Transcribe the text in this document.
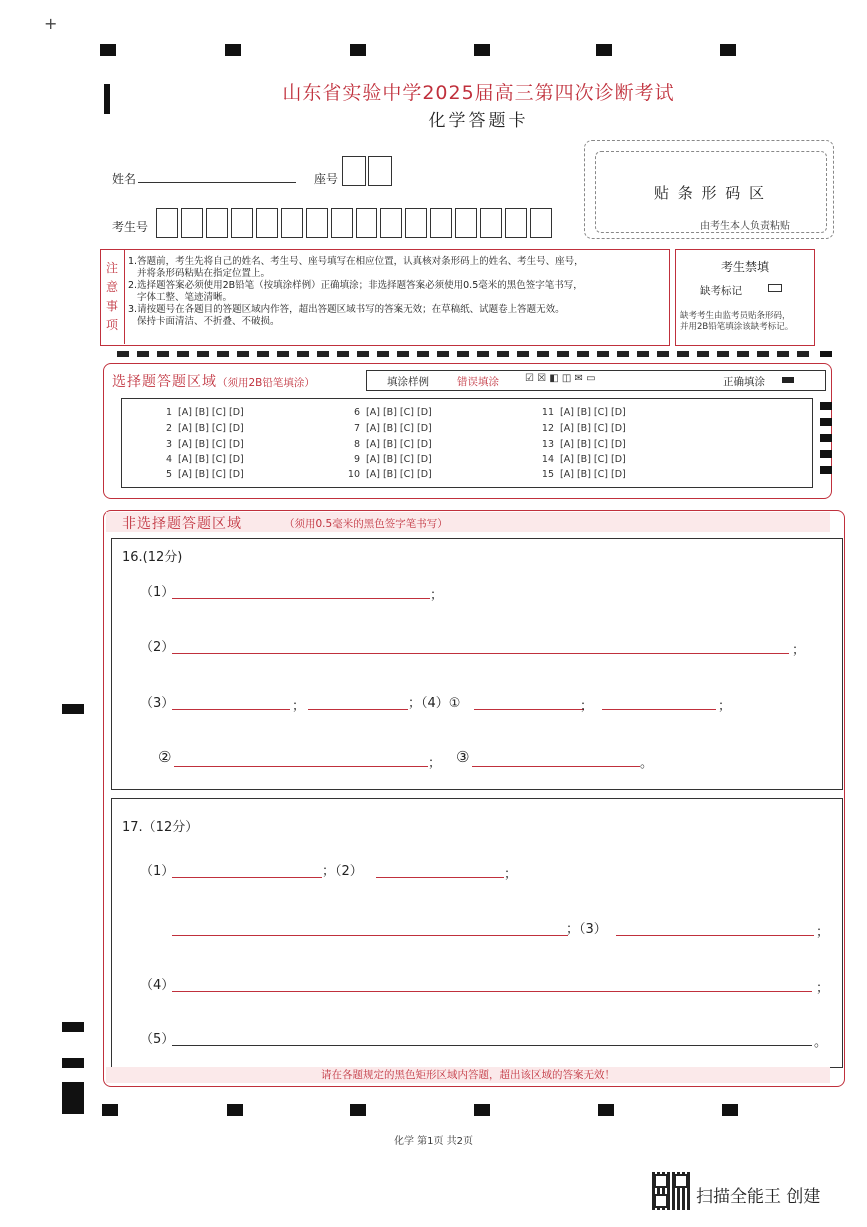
+
山东省实验中学2025届高三第四次诊断考试
化学答题卡
姓名	座号
考生号
贴 条 形 码 区
由考生本人负责粘贴
注
意
事
项
1.答题前，考生先将自己的姓名、考生号、座号填写在相应位置，认真核对条形码上的姓名、考生号、座号，
并将条形码粘贴在指定位置上。
2.选择题答案必须使用2B铅笔（按填涂样例）正确填涂；非选择题答案必须使用0.5毫米的黑色签字笔书写，
字体工整、笔迹清晰。
3.请按题号在各题目的答题区域内作答，超出答题区域书写的答案无效；在草稿纸、试题卷上答题无效。
保持卡面清洁、不折叠、不破损。
考生禁填
缺考标记
缺考考生由监考员贴条形码，
并用2B铅笔填涂该缺考标记。
选择题答题区域（须用2B铅笔填涂）	填涂样例	错误填涂	☑ ☒ ◧ ◫ ✉ ▭	正确填涂
1 [A] [B] [C] [D]
2 [A] [B] [C] [D]
3 [A] [B] [C] [D]
4 [A] [B] [C] [D]
5 [A] [B] [C] [D]
6 [A] [B] [C] [D]
7 [A] [B] [C] [D]
8 [A] [B] [C] [D]
9 [A] [B] [C] [D]
10 [A] [B] [C] [D]
11 [A] [B] [C] [D]
12 [A] [B] [C] [D]
13 [A] [B] [C] [D]
14 [A] [B] [C] [D]
15 [A] [B] [C] [D]
非选择题答题区域	（须用0.5毫米的黑色签字笔书写）
16.(12分)
（1）	；
（2）	；
（3）	；	；（4）①	；	；
②	； ③	。
17.（12分）
（1）	；（2）	；
；（3）	；
（4）	；
（5）	。
请在各题规定的黑色矩形区域内答题，超出该区域的答案无效！
化学 第1页 共2页
扫描全能王 创建
